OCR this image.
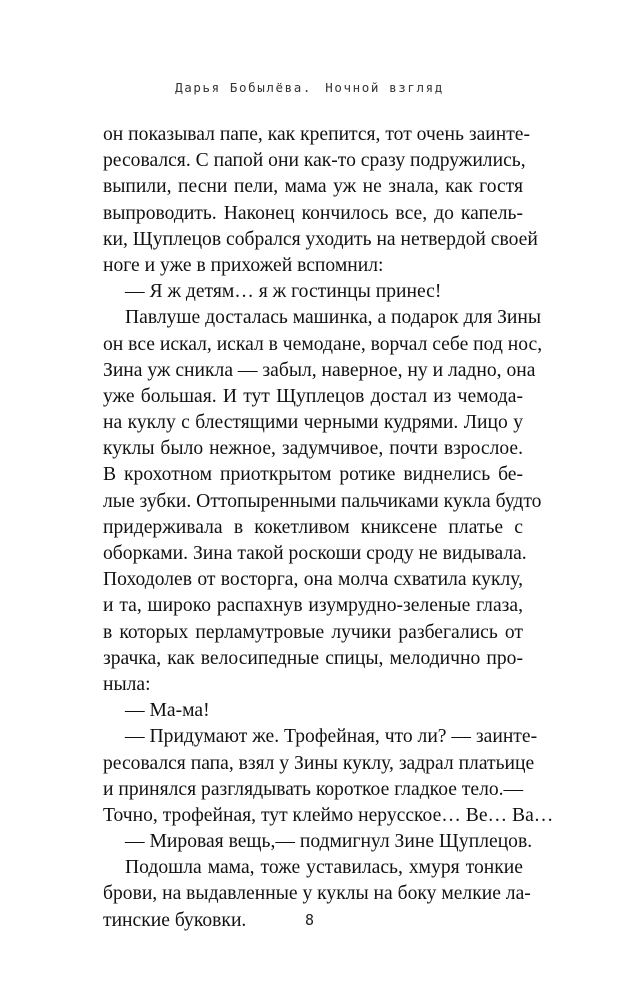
Дарья Бобылёва. Ночной взгляд
он показывал папе, как крепится, тот очень заинте-
ресовался. С папой они как-то сразу подружились,
выпили, песни пели, мама уж не знала, как гостя
выпроводить. Наконец кончилось все, до капель-
ки, Щуплецов собрался уходить на нетвердой своей
ноге и уже в прихожей вспомнил:
— Я ж детям… я ж гостинцы принес!
Павлуше досталась машинка, а подарок для Зины
он все искал, искал в чемодане, ворчал себе под нос,
Зина уж сникла — забыл, наверное, ну и ладно, она
уже большая. И тут Щуплецов достал из чемода-
на куклу с блестящими черными кудрями. Лицо у
куклы было нежное, задумчивое, почти взрослое.
В крохотном приоткрытом ротике виднелись бе-
лые зубки. Оттопыренными пальчиками кукла будто
придерживала в кокетливом книксене платье с
оборками. Зина такой роскоши сроду не видывала.
Походолев от восторга, она молча схватила куклу,
и та, широко распахнув изумрудно-зеленые глаза,
в которых перламутровые лучики разбегались от
зрачка, как велосипедные спицы, мелодично про-
ныла:
— Ма-ма!
— Придумают же. Трофейная, что ли? — заинте-
ресовался папа, взял у Зины куклу, задрал платьице
и принялся разглядывать короткое гладкое тело.—
Точно, трофейная, тут клеймо нерусское… Ве… Ва…
— Мировая вещь,— подмигнул Зине Щуплецов.
Подошла мама, тоже уставилась, хмуря тонкие
брови, на выдавленные у куклы на боку мелкие ла-
тинские буковки.	8
